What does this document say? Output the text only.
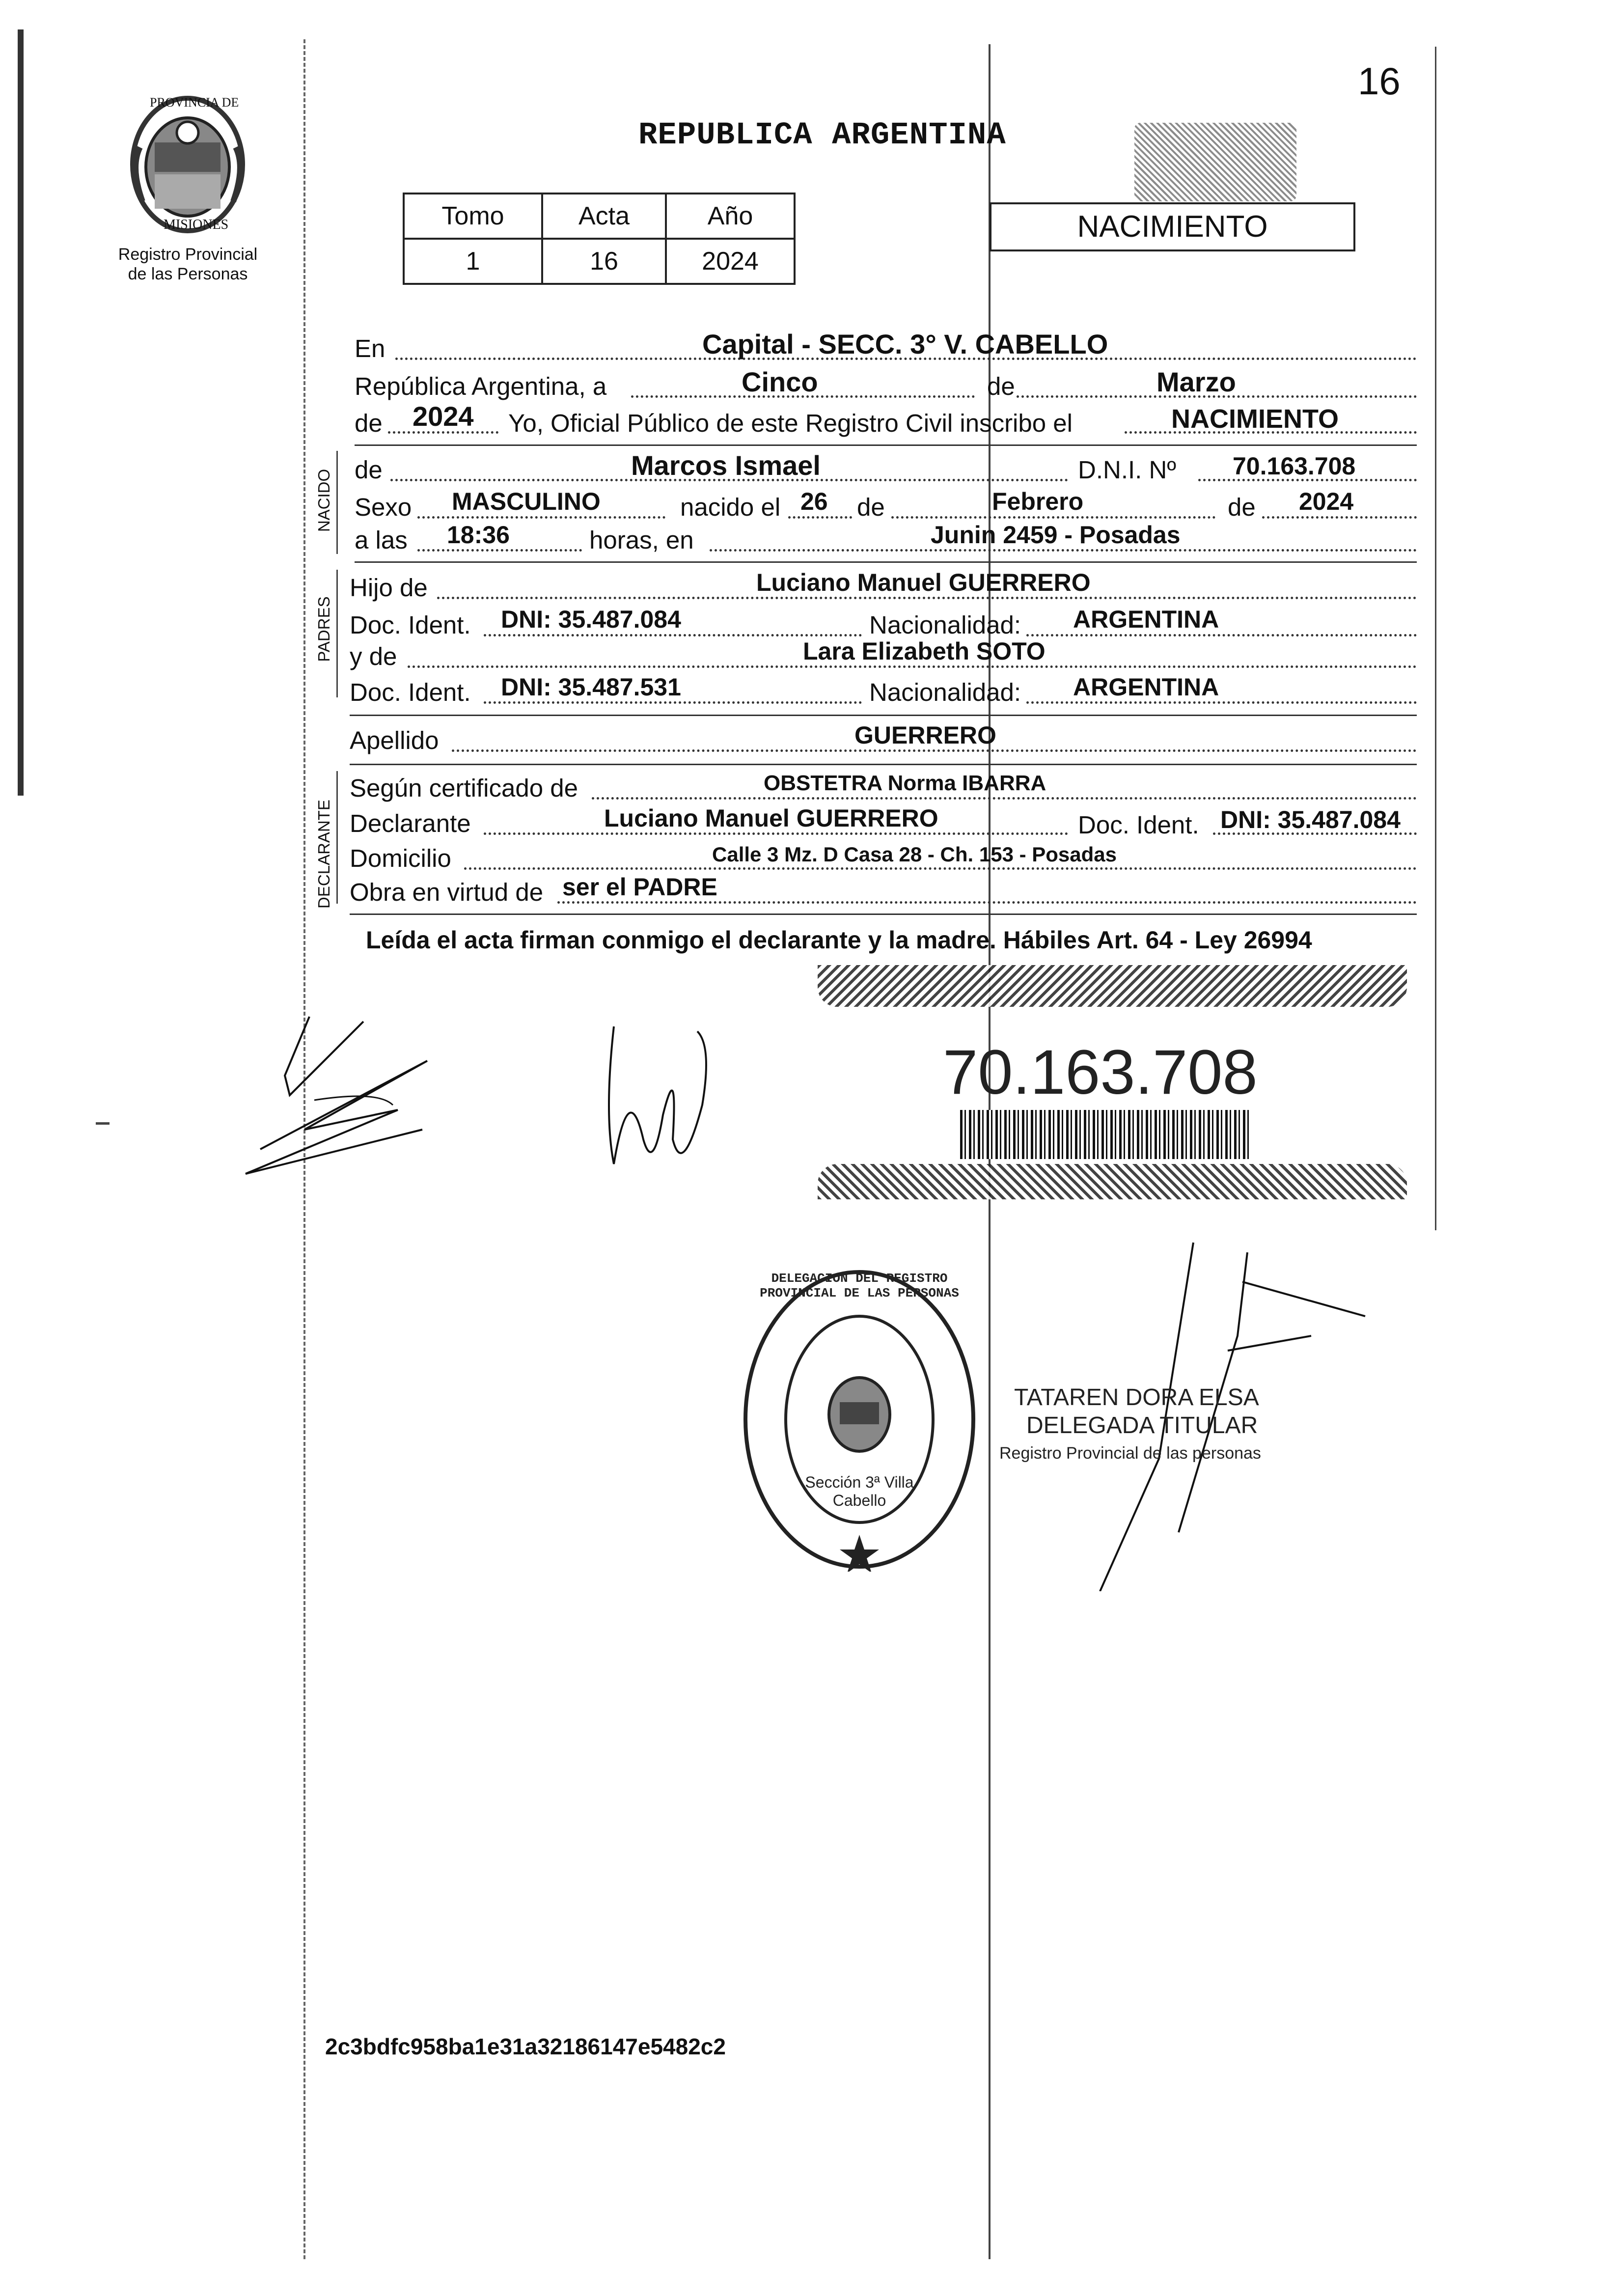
16
PROVINCIA DE
MISIONES
Registro Provincial
de las Personas
REPUBLICA ARGENTINA
Tomo	Acta	Año
1	16	2024
NACIMIENTO
En	Capital - SECC. 3° V. CABELLO
República Argentina, a	Cinco	de	Marzo
de 2024 Yo, Oficial Público de este Registro Civil inscribo el	NACIMIENTO
NACIDO de	Marcos Ismael	D.N.I. Nº 70.163.708
Sexo MASCULINO	nacido el 26 de	Febrero	de 2024
a las 18:36	horas, en	Junin 2459 - Posadas
PADRES
Hijo de	Luciano Manuel GUERRERO
Doc. Ident. DNI: 35.487.084	Nacionalidad: ARGENTINA
y de	Lara Elizabeth SOTO
Doc. Ident. DNI: 35.487.531	Nacionalidad: ARGENTINA
Apellido	GUERRERO
DECLARANTE
Según certificado de	OBSTETRA Norma IBARRA
Declarante	Luciano Manuel GUERRERO	Doc. Ident. DNI: 35.487.084
Domicilio	Calle 3 Mz. D Casa 28 - Ch. 153 - Posadas
Obra en virtud de ser el PADRE
Leída el acta firman conmigo el declarante y la madre. Hábiles Art. 64 - Ley 26994
70.163.708
DELEGACION DEL REGISTRO PROVINCIAL DE LAS PERSONAS
Sección 3ª Villa Cabello
TATAREN DORA ELSA
DELEGADA TITULAR
Registro Provincial de las personas
2c3bdfc958ba1e31a32186147e5482c2
